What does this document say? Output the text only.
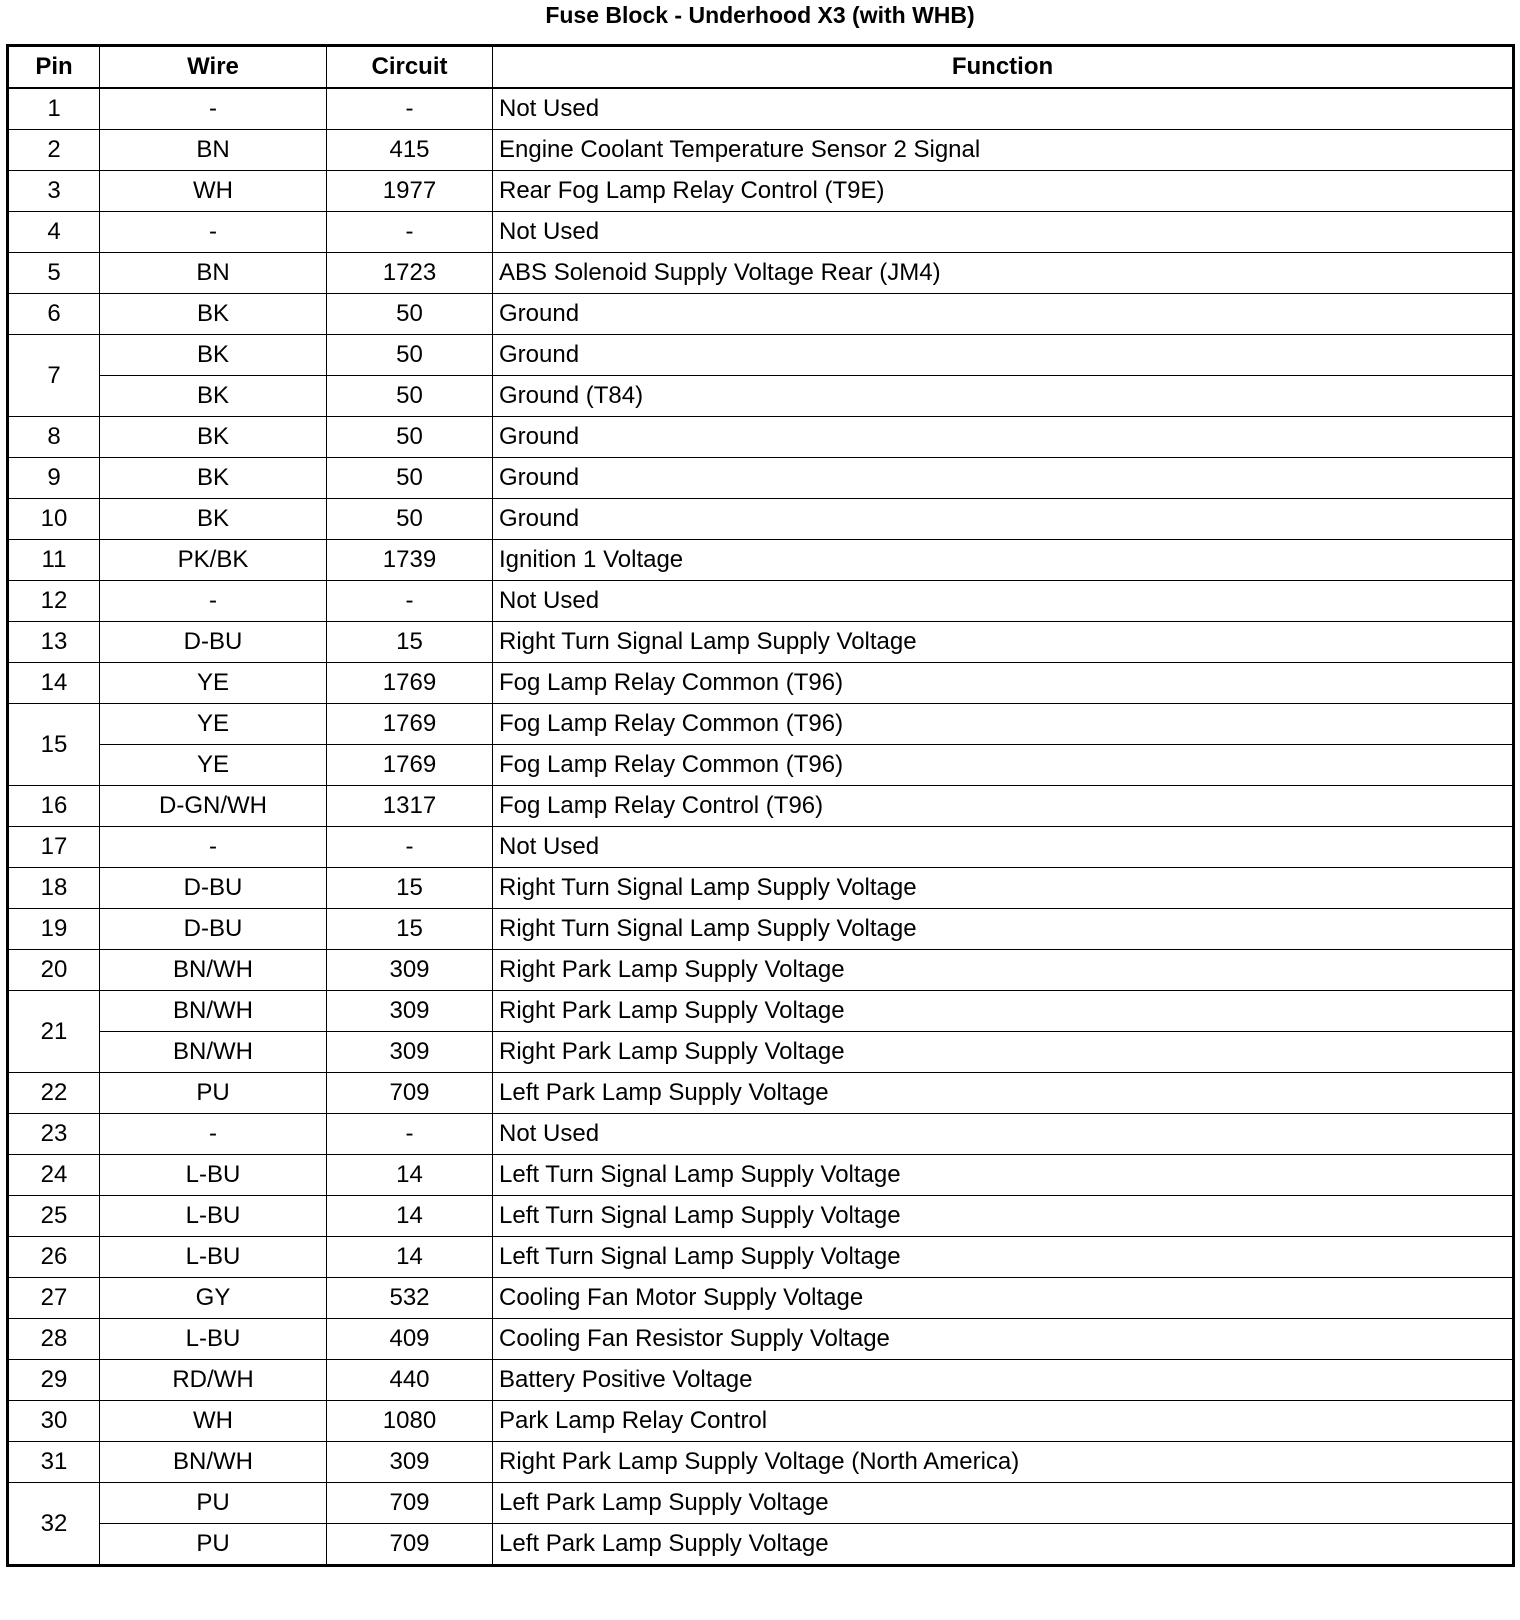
Fuse Block - Underhood X3 (with WHB)
Pin	Wire	Circuit	Function
1	-	-	Not Used
2	BN	415	Engine Coolant Temperature Sensor 2 Signal
3	WH	1977	Rear Fog Lamp Relay Control (T9E)
4	-	-	Not Used
5	BN	1723	ABS Solenoid Supply Voltage Rear (JM4)
6	BK	50	Ground
7	BK	50	Ground
	BK	50	Ground (T84)
8	BK	50	Ground
9	BK	50	Ground
10	BK	50	Ground
11	PK/BK	1739	Ignition 1 Voltage
12	-	-	Not Used
13	D-BU	15	Right Turn Signal Lamp Supply Voltage
14	YE	1769	Fog Lamp Relay Common (T96)
15	YE	1769	Fog Lamp Relay Common (T96)
	YE	1769	Fog Lamp Relay Common (T96)
16	D-GN/WH	1317	Fog Lamp Relay Control (T96)
17	-	-	Not Used
18	D-BU	15	Right Turn Signal Lamp Supply Voltage
19	D-BU	15	Right Turn Signal Lamp Supply Voltage
20	BN/WH	309	Right Park Lamp Supply Voltage
21	BN/WH	309	Right Park Lamp Supply Voltage
	BN/WH	309	Right Park Lamp Supply Voltage
22	PU	709	Left Park Lamp Supply Voltage
23	-	-	Not Used
24	L-BU	14	Left Turn Signal Lamp Supply Voltage
25	L-BU	14	Left Turn Signal Lamp Supply Voltage
26	L-BU	14	Left Turn Signal Lamp Supply Voltage
27	GY	532	Cooling Fan Motor Supply Voltage
28	L-BU	409	Cooling Fan Resistor Supply Voltage
29	RD/WH	440	Battery Positive Voltage
30	WH	1080	Park Lamp Relay Control
31	BN/WH	309	Right Park Lamp Supply Voltage (North America)
32	PU	709	Left Park Lamp Supply Voltage
	PU	709	Left Park Lamp Supply Voltage
